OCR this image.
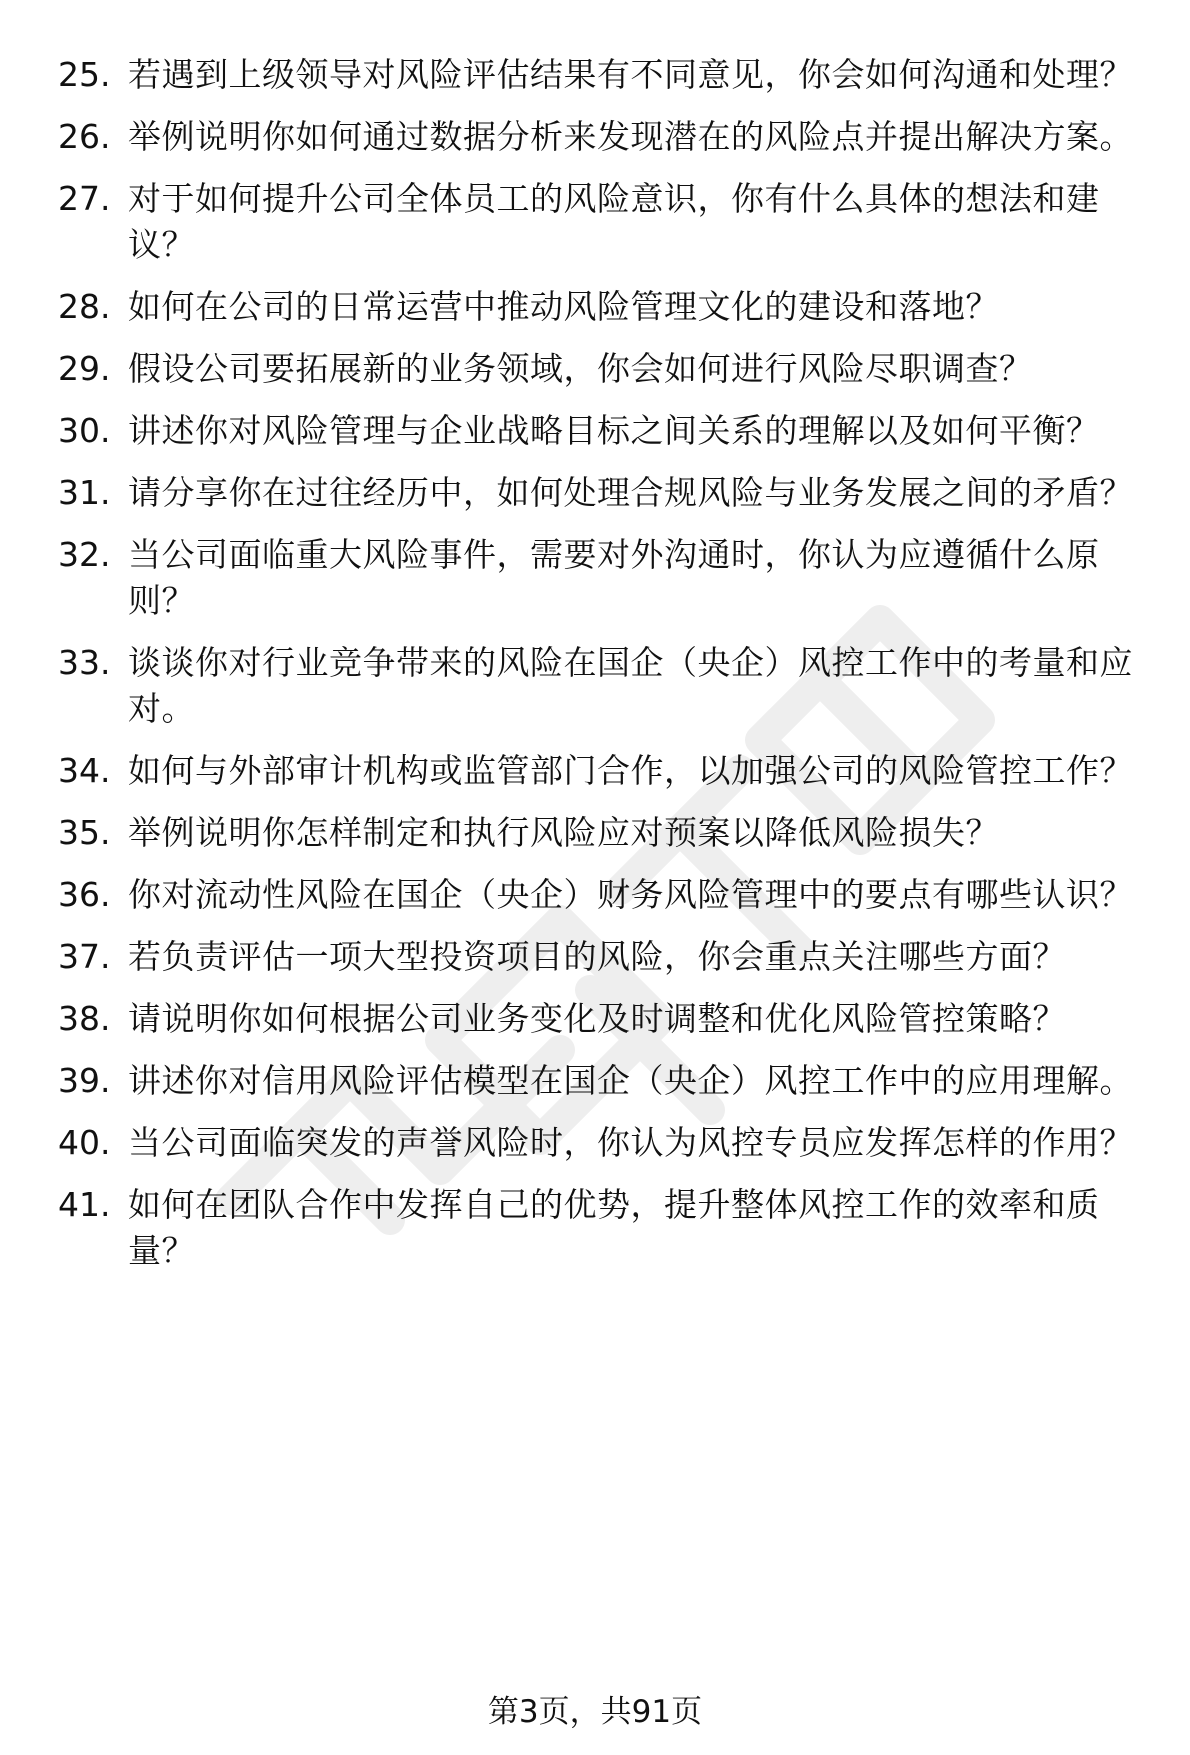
25. 若遇到上级领导对风险评估结果有不同意见，你会如何沟通和处理？
26. 举例说明你如何通过数据分析来发现潜在的风险点并提出解决方案。
27. 对于如何提升公司全体员工的风险意识，你有什么具体的想法和建议？
28. 如何在公司的日常运营中推动风险管理文化的建设和落地？
29. 假设公司要拓展新的业务领域，你会如何进行风险尽职调查？
30. 讲述你对风险管理与企业战略目标之间关系的理解以及如何平衡？
31. 请分享你在过往经历中，如何处理合规风险与业务发展之间的矛盾？
32. 当公司面临重大风险事件，需要对外沟通时，你认为应遵循什么原则？
33. 谈谈你对行业竞争带来的风险在国企（央企）风控工作中的考量和应对。
34. 如何与外部审计机构或监管部门合作，以加强公司的风险管控工作？
35. 举例说明你怎样制定和执行风险应对预案以降低风险损失？
36. 你对流动性风险在国企（央企）财务风险管理中的要点有哪些认识？
37. 若负责评估一项大型投资项目的风险，你会重点关注哪些方面？
38. 请说明你如何根据公司业务变化及时调整和优化风险管控策略？
39. 讲述你对信用风险评估模型在国企（央企）风控工作中的应用理解。
40. 当公司面临突发的声誉风险时，你认为风控专员应发挥怎样的作用？
41. 如何在团队合作中发挥自己的优势，提升整体风控工作的效率和质量？
第3页，共91页
